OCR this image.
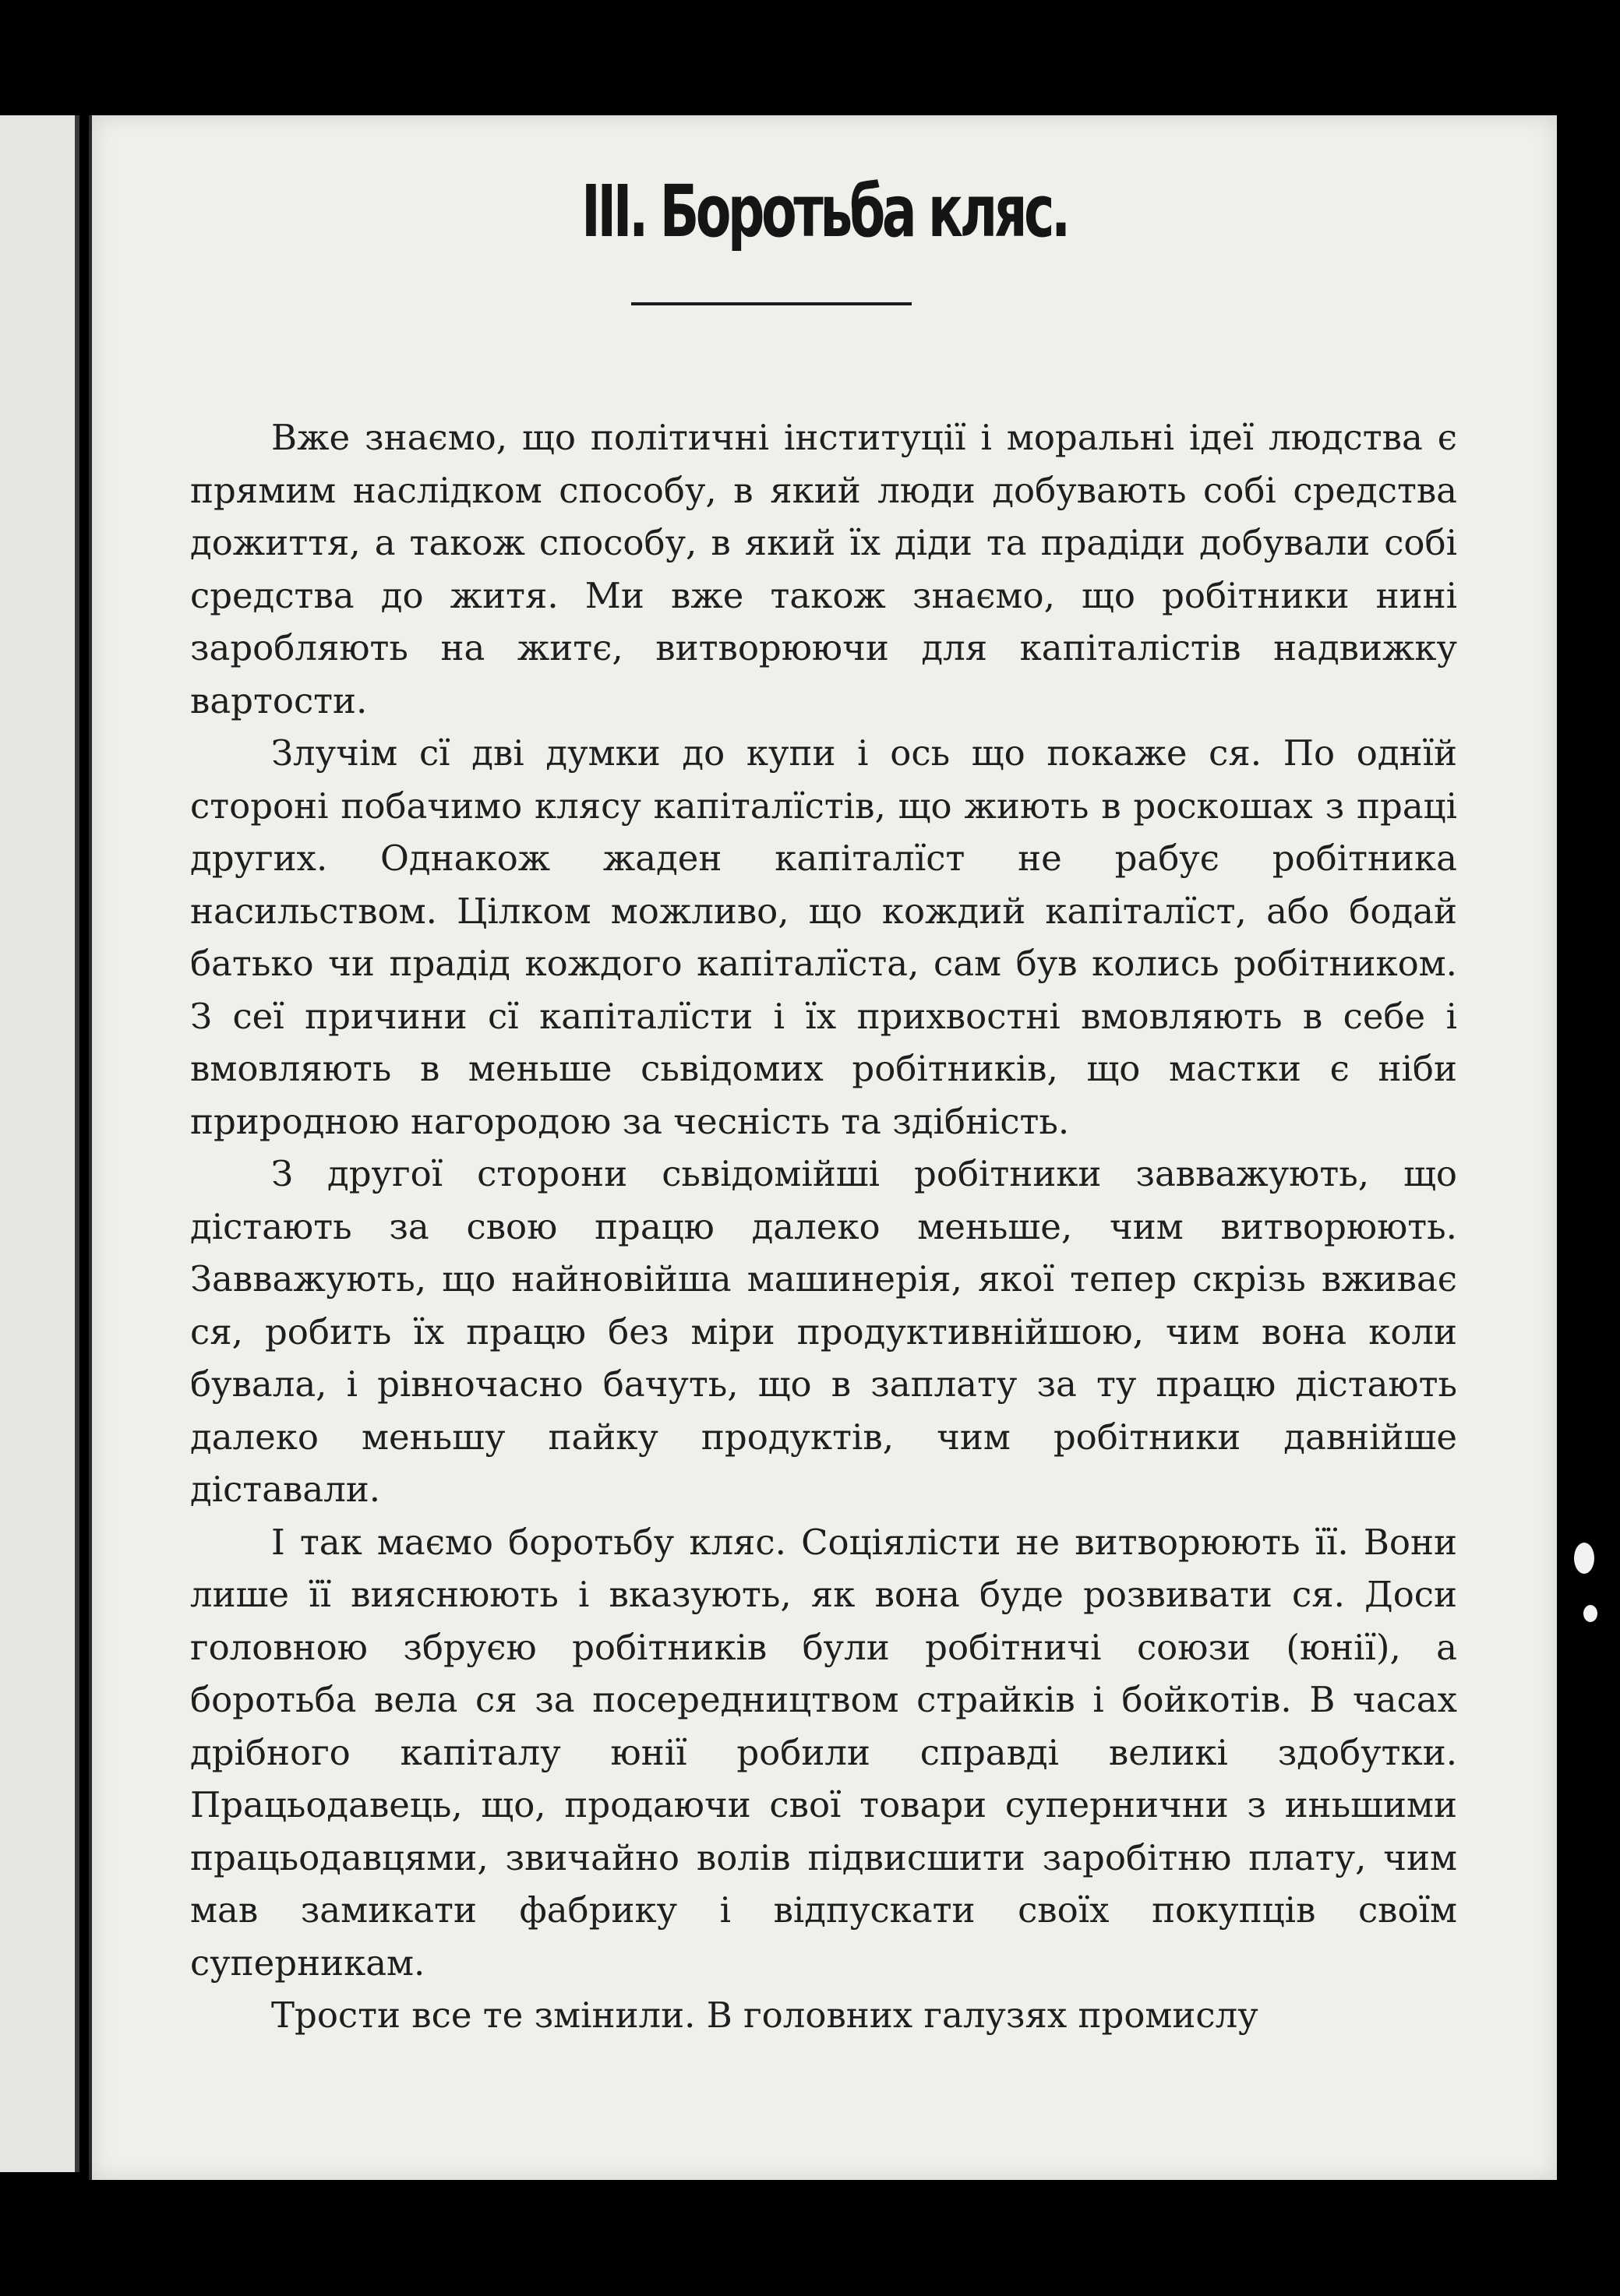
III. Боротьба кляс.

Вже знаємо, що політичні інституції і моральні ідеї людства є прямим наслідком способу, в який люди добувають собі средства дожиття, а також способу, в який їх діди та прадіди добували собі средства до житя. Ми вже також знаємо, що робітники нині заробляють на житє, витворюючи для капіталістів надвижку вартости.

Злучім сї дві думки до купи і ось що покаже ся. По однїй стороні побачимо клясу капіталїстів, що жиють в роскошах з праці других. Однакож жаден капіталїст не рабує робітника насильством. Цілком можливо, що кождий капіталїст, або бодай батько чи прадід кождого капіталїста, сам був колись робітником. З сеї причини сї капіталїсти і їх прихвостні вмовляють в себе і вмовляють в меньше сьвідомих робітників, що мастки є ніби природною нагородою за чесність та здібність.

З другої сторони сьвідомійші робітники завважують, що дістають за свою працю далеко меньше, чим витворюють. Завважують, що найновійша машинерія, якої тепер скрізь вживає ся, робить їх працю без міри продуктивнійшою, чим вона коли бувала, і рівночасно бачуть, що в заплату за ту працю дістають далеко меньшу пайку продуктів, чим робітники давнійше діставали.

І так маємо боротьбу кляс. Соціялісти не витворюють її. Вони лише її вияснюють і вказують, як вона буде розвивати ся. Доси головною збруєю робітників були робітничі союзи (юнії), а боротьба вела ся за посередництвом страйків і бойкотів. В часах дрібного капіталу юнії робили справді великі здобутки. Працьодавець, що, продаючи свої товари супернични з иньшими працьодавцями, звичайно волів підвисшити заробітню плату, чим мав замикати фабрику і відпускати своїх покупців своїм суперникам.

Трости все те змінили. В головних галузях промислу
